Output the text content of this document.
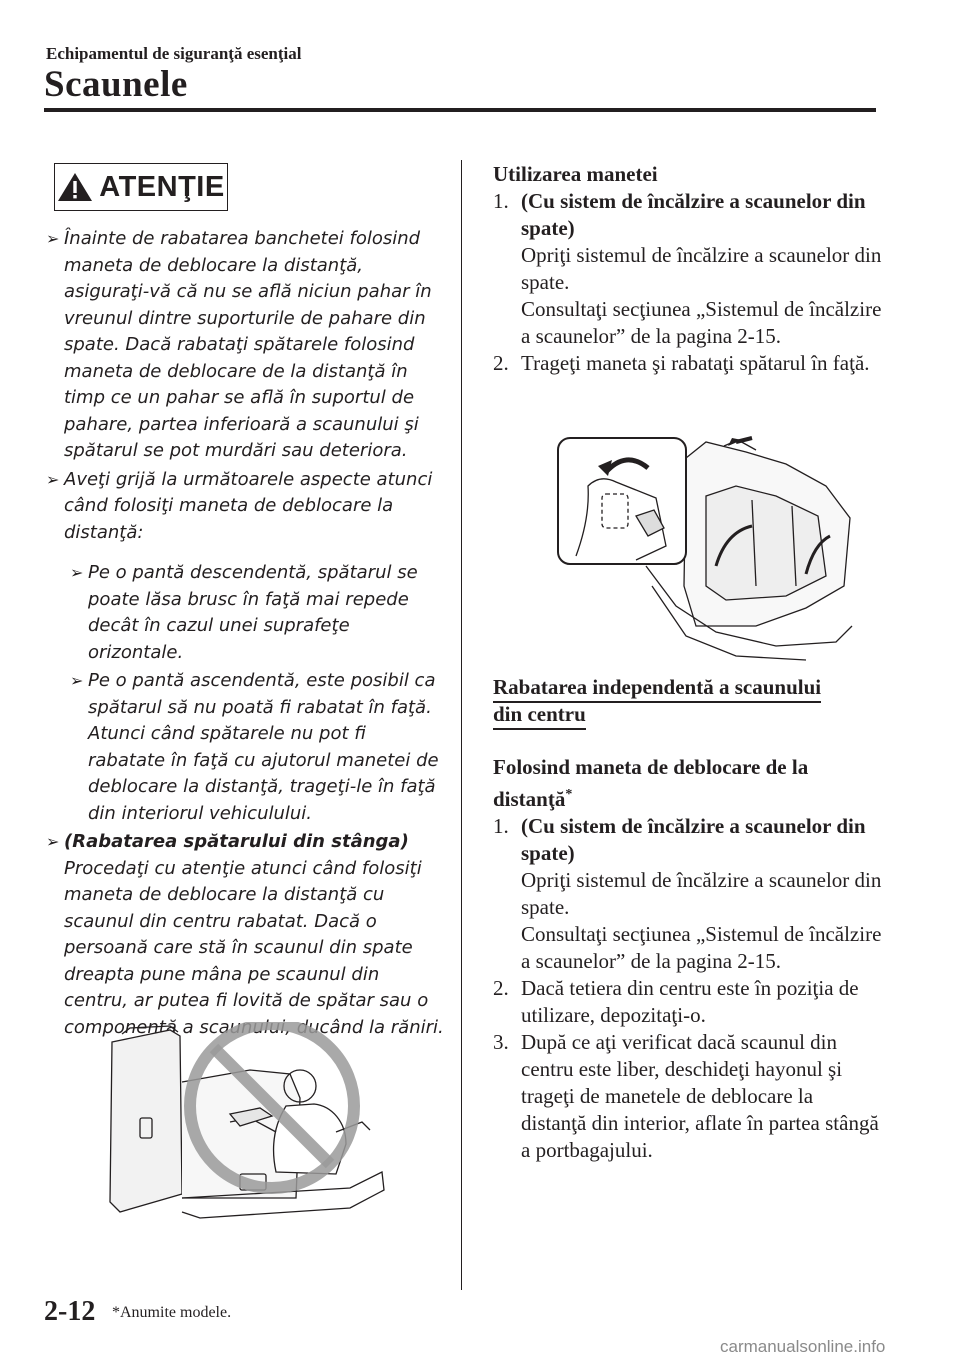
Echipamentul de siguranţă esenţial
Scaunele
ATENŢIE
➢ Înainte de rabatarea banchetei folosind maneta de deblocare la distanţă, asiguraţi-vă că nu se află niciun pahar în vreunul dintre suporturile de pahare din spate. Dacă rabataţi spătarele folosind maneta de deblocare de la distanţă în timp ce un pahar se află în suportul de pahare, partea inferioară a scaunului şi spătarul se pot murdări sau deteriora.
➢ Aveţi grijă la următoarele aspecte atunci când folosiţi maneta de deblocare la distanţă:
➢ Pe o pantă descendentă, spătarul se poate lăsa brusc în faţă mai repede decât în cazul unei suprafeţe orizontale.
➢ Pe o pantă ascendentă, este posibil ca spătarul să nu poată fi rabatat în faţă. Atunci când spătarele nu pot fi rabatate în faţă cu ajutorul manetei de deblocare la distanţă, trageţi-le în faţă din interiorul vehiculului.
➢ (Rabatarea spătarului din stânga)
Procedaţi cu atenţie atunci când folosiţi maneta de deblocare la distanţă cu scaunul din centru rabatat. Dacă o persoană care stă în scaunul din spate dreapta pune mâna pe scaunul din centru, ar putea fi lovită de spătar sau o componentă a scaunului, ducând la răniri.
Utilizarea manetei
1. (Cu sistem de încălzire a scaunelor din spate)
Opriţi sistemul de încălzire a scaunelor din spate.
Consultaţi secţiunea „Sistemul de încălzire a scaunelor” de la pagina 2-15.
2. Trageţi maneta şi rabataţi spătarul în faţă.
Rabatarea independentă a scaunului din centru
Folosind maneta de deblocare de la distanţă*
1. (Cu sistem de încălzire a scaunelor din spate)
Opriţi sistemul de încălzire a scaunelor din spate.
Consultaţi secţiunea „Sistemul de încălzire a scaunelor” de la pagina 2-15.
2. Dacă tetiera din centru este în poziţia de utilizare, depozitaţi-o.
3. După ce aţi verificat dacă scaunul din centru este liber, deschideţi hayonul şi trageţi de manetele de deblocare la distanţă din interior, aflate în partea stângă a portbagajului.
2-12 *Anumite modele.
carmanualsonline.info
